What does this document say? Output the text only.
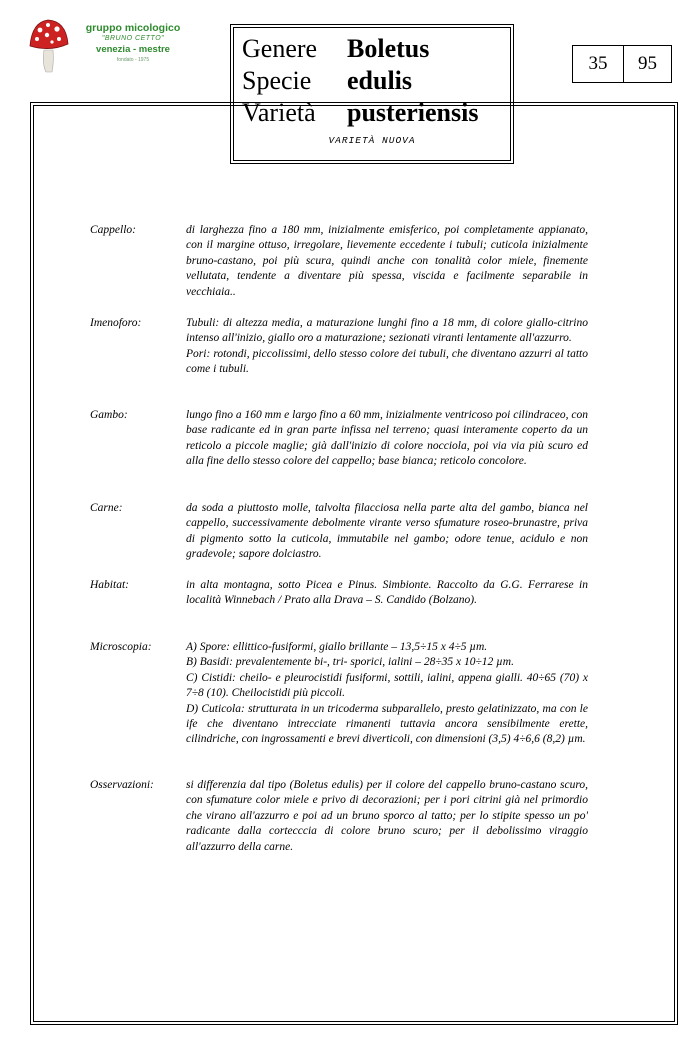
gruppo micologico
"BRUNO CETTO"
venezia - mestre
fondato - 1975	Genere Boletus
Specie edulis
Varietà pusteriensis
VARIETÀ NUOVA
35	95
Cappello:	di larghezza fino a 180 mm, inizialmente emisferico, poi completamente appianato, con il margine ottuso, irregolare, lievemente eccedente i tubuli; cuticola inizialmente bruno-castano, poi più scura, quindi anche con tonalità color miele, finemente vellutata, tendente a diventare più spessa, viscida e facilmente separabile in vecchiaia..

Imenoforo:	Tubuli: di altezza media, a maturazione lunghi fino a 18 mm, di colore giallo-citrino intenso all'inizio, giallo oro a maturazione; sezionati viranti lentamente all'azzurro.

Pori: rotondi, piccolissimi, dello stesso colore dei tubuli, che diventano azzurri al tatto come i tubuli.

Gambo:	lungo fino a 160 mm e largo fino a 60 mm, inizialmente ventricoso poi cilindraceo, con base radicante ed in gran parte infissa nel terreno; quasi interamente coperto da un reticolo a piccole maglie; già dall'inizio di colore nocciola, poi via via più scuro ed alla fine dello stesso colore del cappello; base bianca; reticolo concolore.

Carne:	da soda a piuttosto molle, talvolta filacciosa nella parte alta del gambo, bianca nel cappello, successivamente debolmente virante verso sfumature roseo-brunastre, priva di pigmento sotto la cuticola, immutabile nel gambo; odore tenue, acidulo e non gradevole; sapore dolciastro.

Habitat:	in alta montagna, sotto Picea e Pinus. Simbionte. Raccolto da G.G. Ferrarese in località Winnebach / Prato alla Drava – S. Candido (Bolzano).

Microscopia:	A) Spore: ellittico-fusiformi, giallo brillante – 13,5÷15 x 4÷5 µm.

B) Basidi: prevalentemente bi-, tri- sporici, ialini – 28÷35 x 10÷12 µm.

C) Cistidi: cheilo- e pleurocistidi fusiformi, sottili, ialini, appena gialli. 40÷65 (70) x 7÷8 (10). Cheilocistidi più piccoli.

D) Cuticola: strutturata in un tricoderma subparallelo, presto gelatinizzato, ma con le ife che diventano intrecciate rimanenti tuttavia ancora sensibilmente erette, cilindriche, con ingrossamenti e brevi diverticoli, con dimensioni (3,5) 4÷6,6 (8,2) µm.

Osservazioni:	si differenzia dal tipo (Boletus edulis) per il colore del cappello bruno-castano scuro, con sfumature color miele e privo di decorazioni; per i pori citrini già nel primordio che virano all'azzurro e poi ad un bruno sporco al tatto; per lo stipite spesso un po' radicante dalla cortecccia di colore bruno scuro; per il debolissimo viraggio all'azzurro della carne.
